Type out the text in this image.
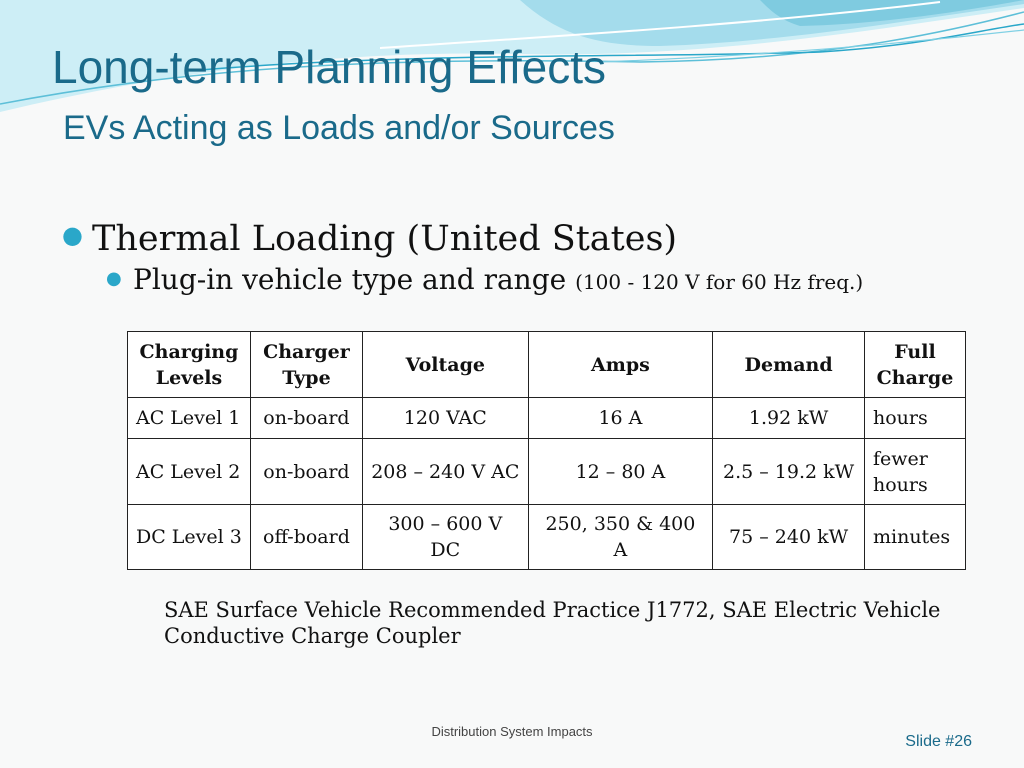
Long-term Planning Effects
EVs Acting as Loads and/or Sources
● Thermal Loading (United States)
● Plug-in vehicle type and range (100 - 120 V for 60 Hz freq.)
Charging Levels	Charger Type	Voltage	Amps	Demand	Full Charge
AC Level 1	on-board	120 VAC	16 A	1.92 kW	hours
AC Level 2	on-board	208 – 240 V AC	12 – 80 A	2.5 – 19.2 kW	fewer hours
DC Level 3	off-board	300 – 600 V DC	250, 350 & 400 A	75 – 240 kW	minutes
SAE Surface Vehicle Recommended Practice J1772, SAE Electric Vehicle Conductive Charge Coupler
Distribution System Impacts
Slide #26
